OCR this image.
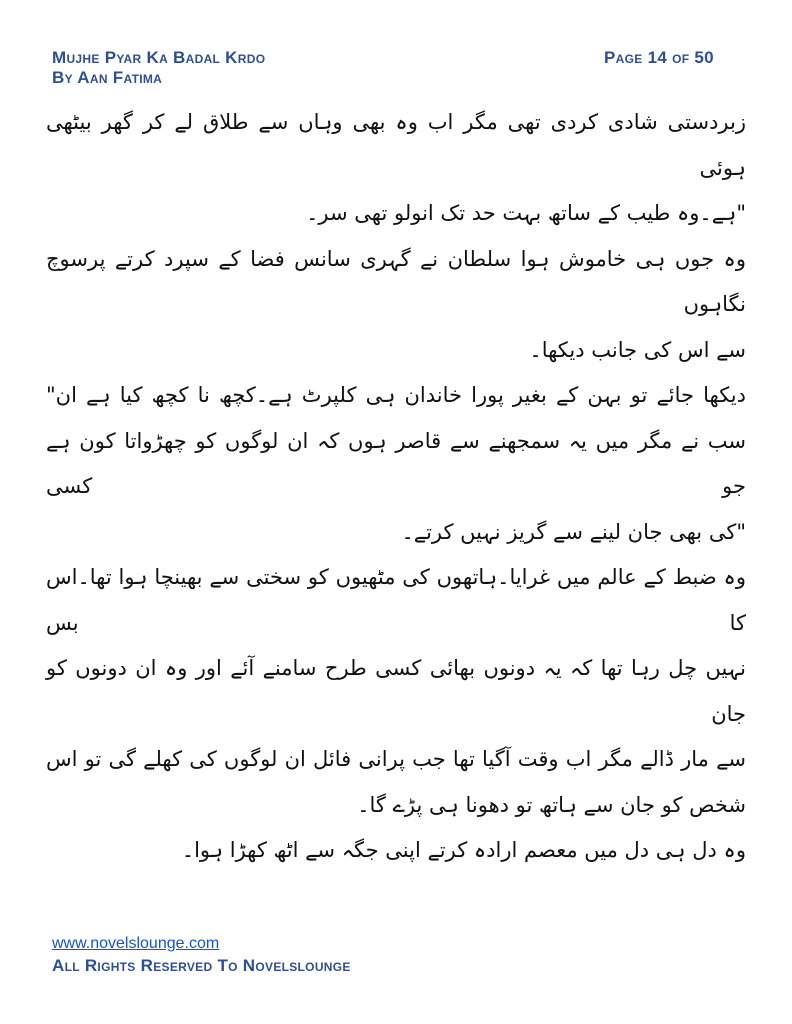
Mujhe Pyar Ka Badal Krdo
By Aan Fatima
Page 14 of 50

زبردستی شادی کردی تھی مگر اب وہ بھی وہاں سے طلاق لے کر گھر بیٹھی ہوئی

"ہے۔وہ طیب کے ساتھ بہت حد تک انولو تھی سر۔

وہ جوں ہی خاموش ہوا سلطان نے گہری سانس فضا کے سپرد کرتے پرسوچ نگاہوں

سے اس کی جانب دیکھا۔

دیکھا جائے تو بہن کے بغیر پورا خاندان ہی کلپرٹ ہے۔کچھ نا کچھ کیا ہے ان"

سب نے مگر میں یہ سمجھنے سے قاصر ہوں کہ ان لوگوں کو چھڑواتا کون ہے جو کسی

"کی بھی جان لینے سے گریز نہیں کرتے۔

وہ ضبط کے عالم میں غرایا۔ہاتھوں کی مٹھیوں کو سختی سے بھینچا ہوا تھا۔اس کا بس

نہیں چل رہا تھا کہ یہ دونوں بھائی کسی طرح سامنے آئے اور وہ ان دونوں کو جان

سے مار ڈالے مگر اب وقت آگیا تھا جب پرانی فائل ان لوگوں کی کھلے گی تو اس

شخص کو جان سے ہاتھ تو دھونا ہی پڑے گا۔

وہ دل ہی دل میں معصم ارادہ کرتے اپنی جگہ سے اٹھ کھڑا ہوا۔

www.novelslounge.com
All Rights Reserved To Novelslounge
